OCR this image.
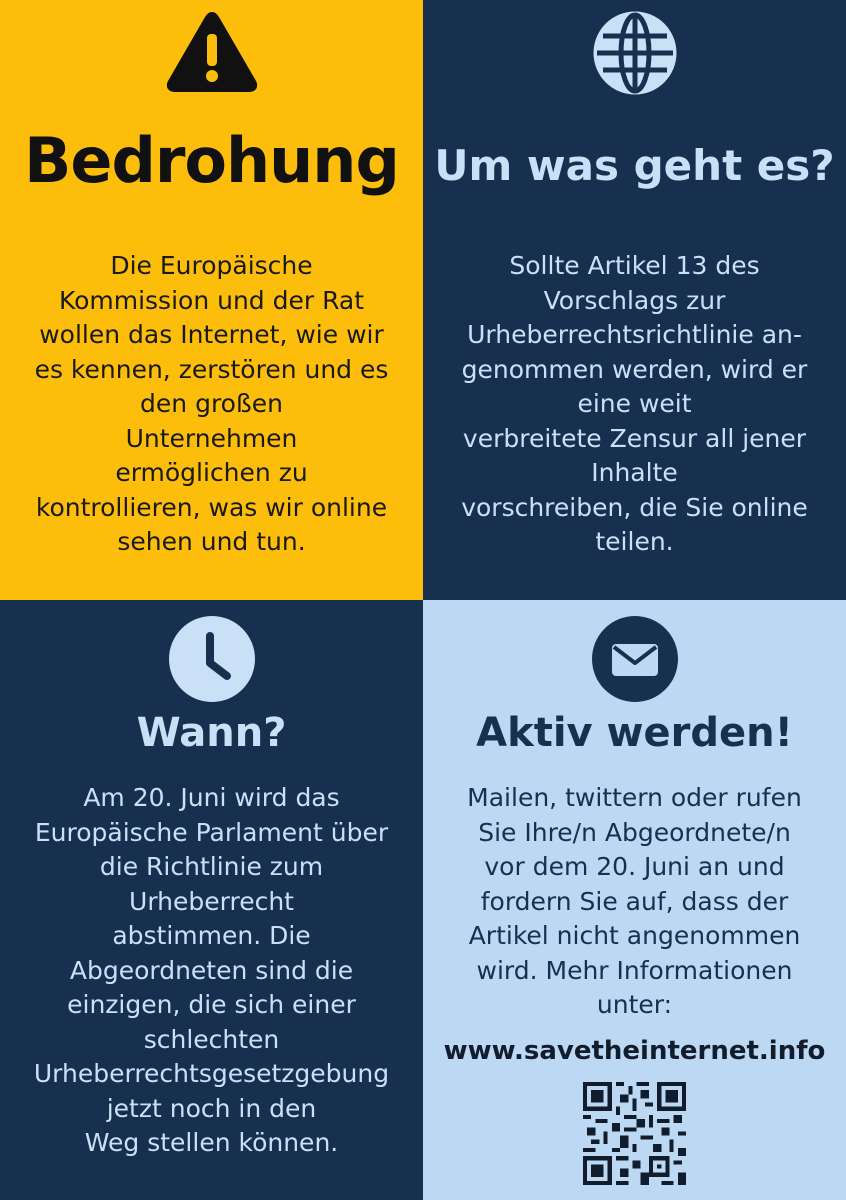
Bedrohung

Die Europäische
Kommission und der Rat
wollen das Internet, wie wir
es kennen, zerstören und es
den großen
Unternehmen
ermöglichen zu
kontrollieren, was wir online
sehen und tun.

Um was geht es?

Sollte Artikel 13 des
Vorschlags zur
Urheberrechtsrichtlinie an-
genommen werden, wird er
eine weit
verbreitete Zensur all jener
Inhalte
vorschreiben, die Sie online
teilen.

Wann?

Am 20. Juni wird das
Europäische Parlament über
die Richtlinie zum
Urheberrecht
abstimmen. Die
Abgeordneten sind die
einzigen, die sich einer
schlechten
Urheberrechtsgesetzgebung
jetzt noch in den
Weg stellen können.

Aktiv werden!

Mailen, twittern oder rufen
Sie Ihre/n Abgeordnete/n
vor dem 20. Juni an und
fordern Sie auf, dass der
Artikel nicht angenommen
wird. Mehr Informationen
unter:

www.savetheinternet.info
